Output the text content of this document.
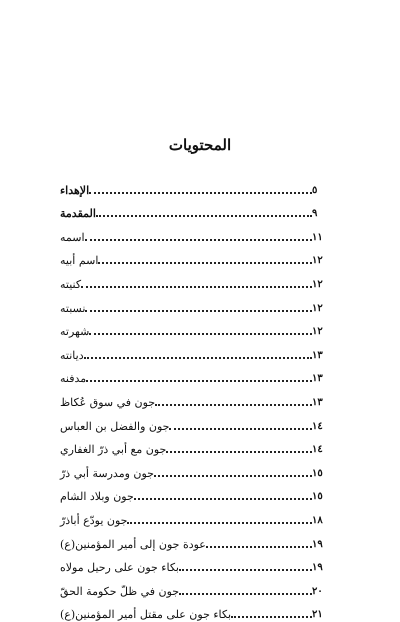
المحتويات
الإهداء	٥
المقدمة	٩
اسمه	١١
اسم أبيه	١٢
كنيته	١٢
نسبته	١٢
شهرته	١٢
ديانته	١٣
مدفنه	١٣
جون في سوق عُكاظ	١٣
جون والفضل بن العباس	١٤
جون مع أبي ذرّ الغفاري	١٤
جون ومدرسة أبي ذرّ	١٥
جون وبلاد الشام	١٥
جون يودّع أباذرّ	١٨
عودة جون إلى أمير المؤمنين(ع)	١٩
بكاء جون على رحيل مولاه	١٩
جون في ظلّ حكومة الحقّ	٢٠
بكاء جون على مقتل أمير المؤمنين(ع)	٢١
